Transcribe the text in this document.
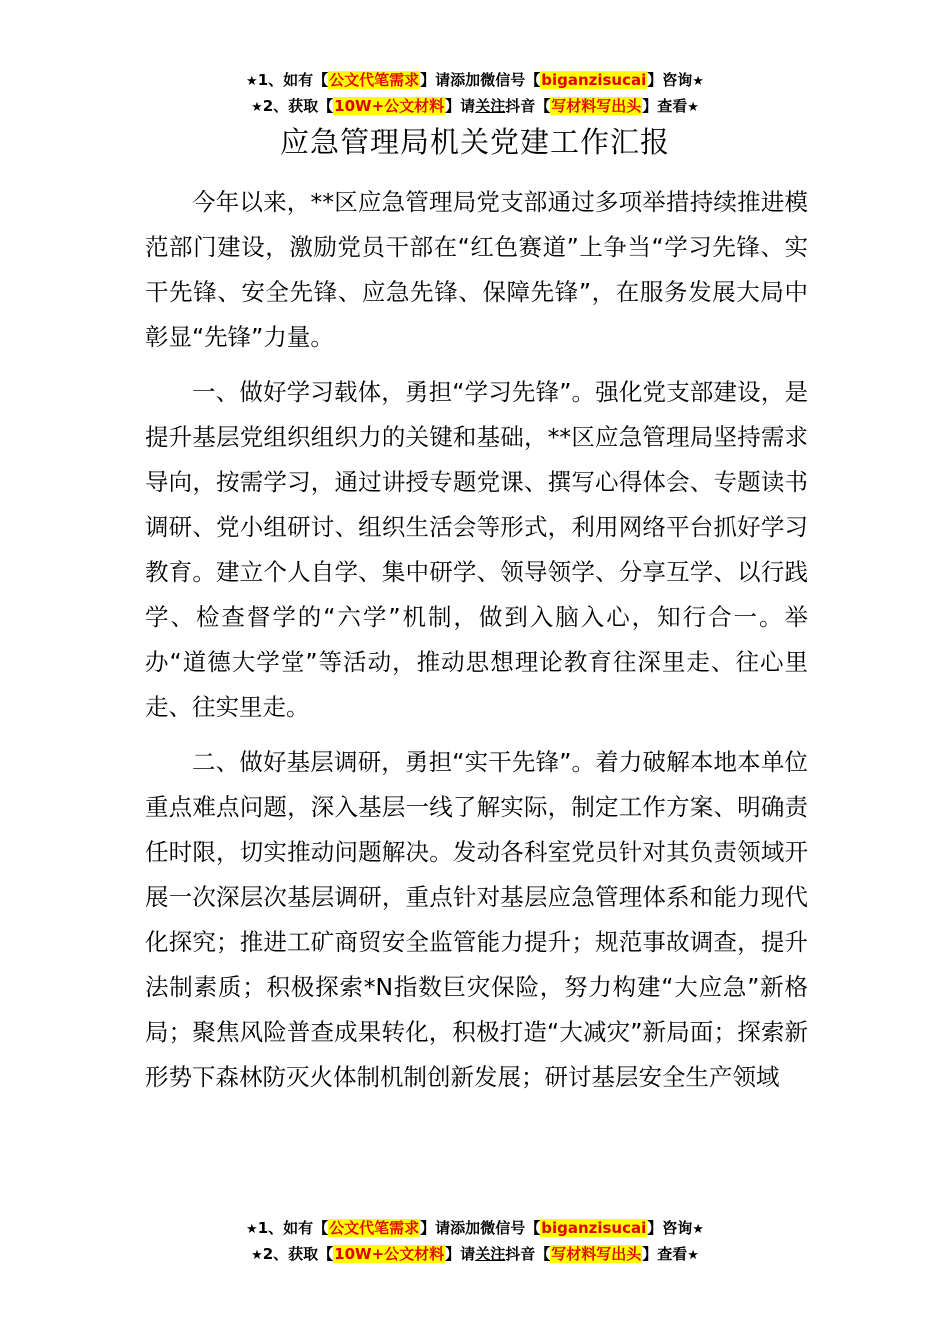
★1、如有【公文代笔需求】请添加微信号【biganzisucai】咨询★
★2、获取【10W+公文材料】请关注抖音【写材料写出头】查看★
应急管理局机关党建工作汇报

今年以来，**区应急管理局党支部通过多项举措持续推进模范部门建设，激励党员干部在“红色赛道”上争当“学习先锋、实干先锋、安全先锋、应急先锋、保障先锋”，在服务发展大局中彰显“先锋”力量。

一、做好学习载体，勇担“学习先锋”。强化党支部建设，是提升基层党组织组织力的关键和基础，**区应急管理局坚持需求导向，按需学习，通过讲授专题党课、撰写心得体会、专题读书调研、党小组研讨、组织生活会等形式，利用网络平台抓好学习教育。建立个人自学、集中研学、领导领学、分享互学、以行践学、检查督学的“六学”机制，做到入脑入心，知行合一。举办“道德大学堂”等活动，推动思想理论教育往深里走、往心里走、往实里走。

二、做好基层调研，勇担“实干先锋”。着力破解本地本单位重点难点问题，深入基层一线了解实际，制定工作方案、明确责任时限，切实推动问题解决。发动各科室党员针对其负责领域开展一次深层次基层调研，重点针对基层应急管理体系和能力现代化探究；推进工矿商贸安全监管能力提升；规范事故调查，提升法制素质；积极探索*N指数巨灾保险，努力构建“大应急”新格局；聚焦风险普查成果转化，积极打造“大减灾”新局面；探索新形势下森林防灭火体制机制创新发展；研讨基层安全生产领域

★1、如有【公文代笔需求】请添加微信号【biganzisucai】咨询★
★2、获取【10W+公文材料】请关注抖音【写材料写出头】查看★
